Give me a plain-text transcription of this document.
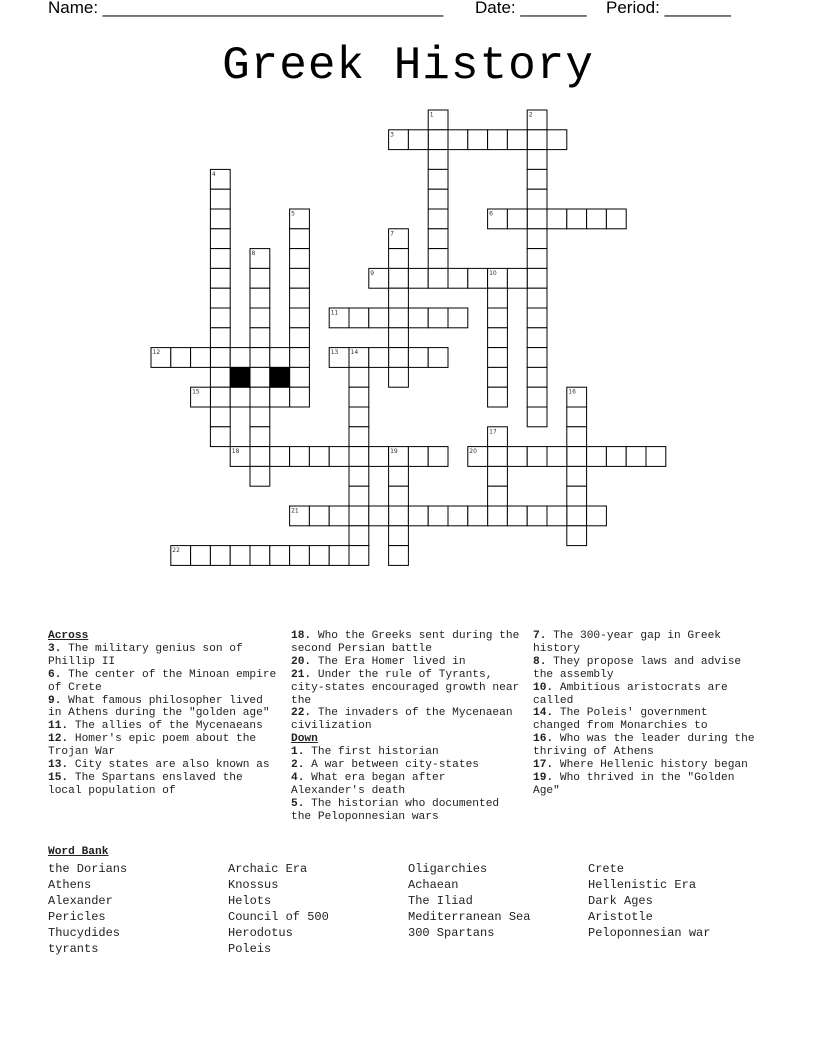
Name: ____________________________________ Date: _______ Period: _______
Greek History
1	2
3
4
5	6
7
8
9	10
11
12	13 14
15	16
17
18	19	20
21
22
Across
3. The military genius son of Phillip II
6. The center of the Minoan empire of Crete
9. What famous philosopher lived in Athens during the "golden age"
11. The allies of the Mycenaeans
12. Homer's epic poem about the Trojan War
13. City states are also known as
15. The Spartans enslaved the local population of
18. Who the Greeks sent during the second Persian battle
20. The Era Homer lived in
21. Under the rule of Tyrants, city-states encouraged growth near the
22. The invaders of the Mycenaean civilization
Down
1. The first historian
2. A war between city-states
4. What era began after Alexander's death
5. The historian who documented the Peloponnesian wars
7. The 300-year gap in Greek history
8. They propose laws and advise the assembly
10. Ambitious aristocrats are called
14. The Poleis' government changed from Monarchies to
16. Who was the leader during the thriving of Athens
17. Where Hellenic history began
19. Who thrived in the "Golden Age"
Word Bank
the Dorians	Archaic Era	Oligarchies	Crete
Athens	Knossus	Achaean	Hellenistic Era
Alexander	Helots	The Iliad	Dark Ages
Pericles	Council of 500	Mediterranean Sea	Aristotle
Thucydides	Herodotus	300 Spartans	Peloponnesian war
tyrants	Poleis
